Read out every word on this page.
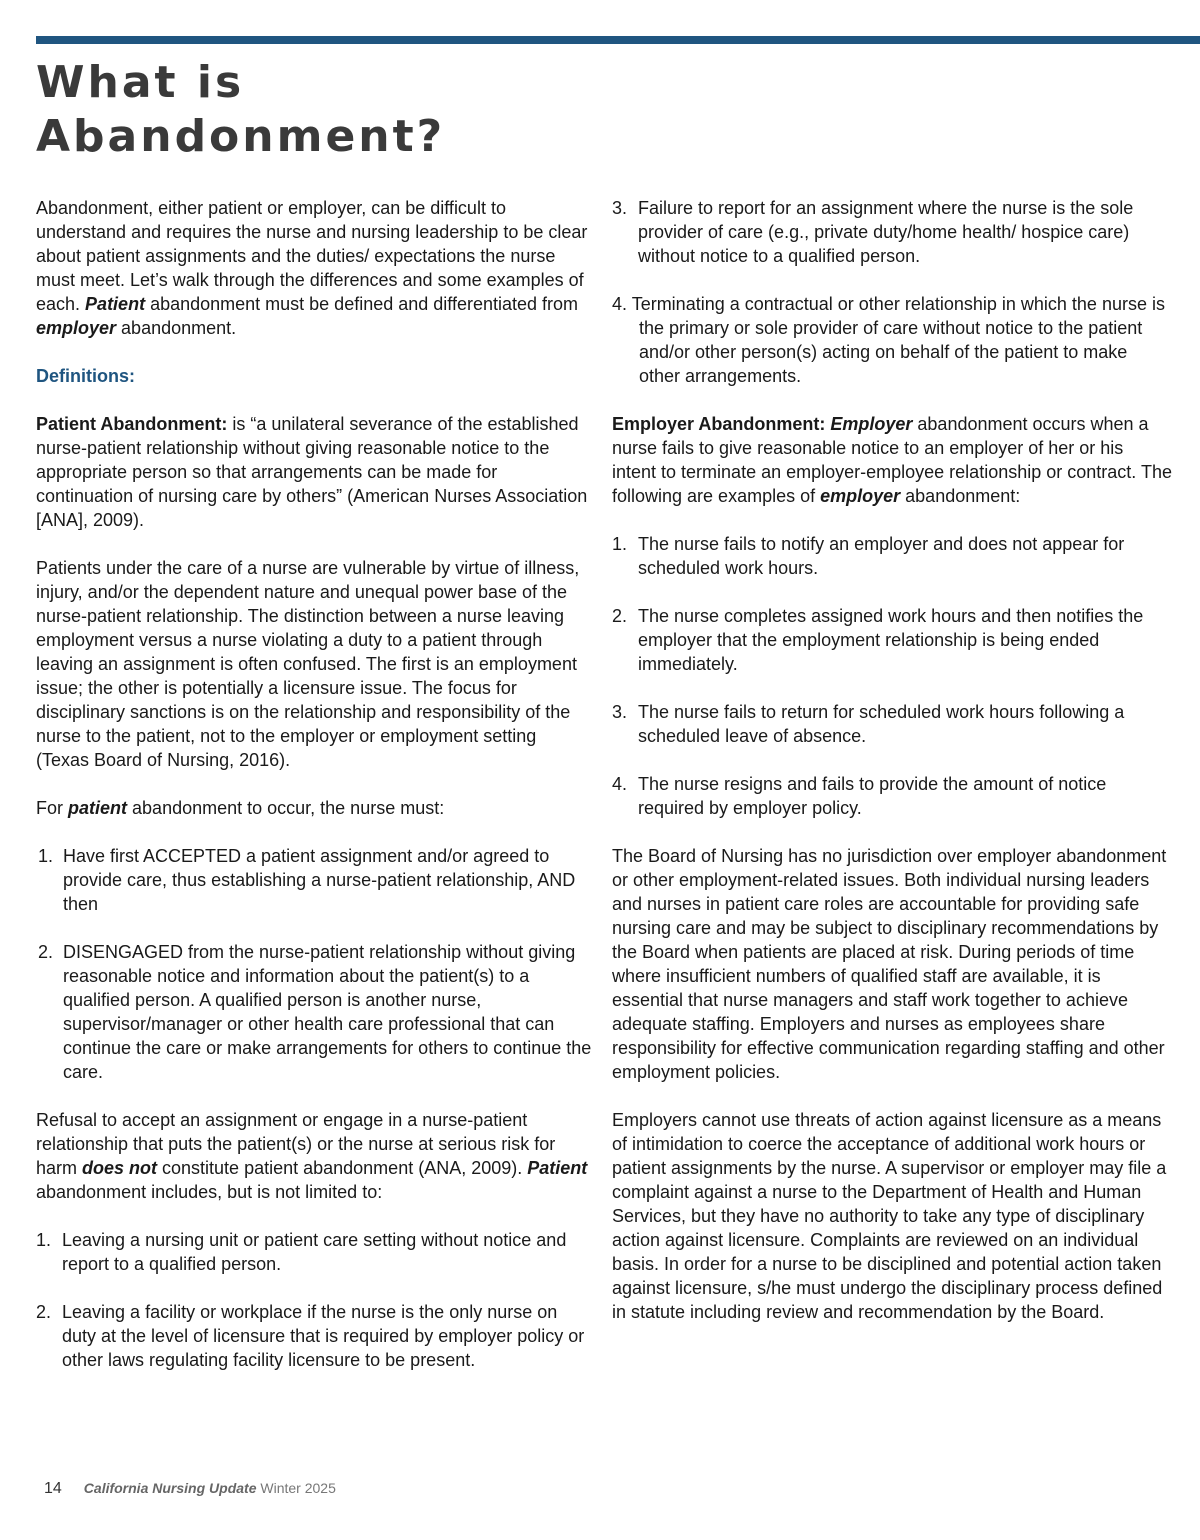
What is
Abandonment?

Abandonment, either patient or employer, can be difficult to understand and requires the nurse and nursing leadership to be clear about patient assignments and the duties/ expectations the nurse must meet. Let’s walk through the differences and some examples of each. Patient abandonment must be defined and differentiated from employer abandonment.

Definitions:

Patient Abandonment: is “a unilateral severance of the established nurse-patient relationship without giving reasonable notice to the appropriate person so that arrangements can be made for continuation of nursing care by others” (American Nurses Association [ANA], 2009).

Patients under the care of a nurse are vulnerable by virtue of illness, injury, and/or the dependent nature and unequal power base of the nurse-patient relationship. The distinction between a nurse leaving employment versus a nurse violating a duty to a patient through leaving an assignment is often confused. The first is an employment issue; the other is potentially a licensure issue. The focus for disciplinary sanctions is on the relationship and responsibility of the nurse to the patient, not to the employer or employment setting (Texas Board of Nursing, 2016).

For patient abandonment to occur, the nurse must:

1. Have first ACCEPTED a patient assignment and/or agreed to provide care, thus establishing a nurse-patient relationship, AND then
2. DISENGAGED from the nurse-patient relationship without giving reasonable notice and information about the patient(s) to a qualified person. A qualified person is another nurse, supervisor/manager or other health care professional that can continue the care or make arrangements for others to continue the care.

Refusal to accept an assignment or engage in a nurse-patient relationship that puts the patient(s) or the nurse at serious risk for harm does not constitute patient abandonment (ANA, 2009). Patient abandonment includes, but is not limited to:

1. Leaving a nursing unit or patient care setting without notice and report to a qualified person.
2. Leaving a facility or workplace if the nurse is the only nurse on duty at the level of licensure that is required by employer policy or other laws regulating facility licensure to be present.
3. Failure to report for an assignment where the nurse is the sole provider of care (e.g., private duty/home health/ hospice care) without notice to a qualified person.

4. Terminating a contractual or other relationship in which the nurse is the primary or sole provider of care without notice to the patient and/or other person(s) acting on behalf of the patient to make other arrangements.

Employer Abandonment: Employer abandonment occurs when a nurse fails to give reasonable notice to an employer of her or his intent to terminate an employer-employee relationship or contract. The following are examples of employer abandonment:

1. The nurse fails to notify an employer and does not appear for scheduled work hours.
2. The nurse completes assigned work hours and then notifies the employer that the employment relationship is being ended immediately.
3. The nurse fails to return for scheduled work hours following a scheduled leave of absence.
4. The nurse resigns and fails to provide the amount of notice required by employer policy.

The Board of Nursing has no jurisdiction over employer abandonment or other employment-related issues. Both individual nursing leaders and nurses in patient care roles are accountable for providing safe nursing care and may be subject to disciplinary recommendations by the Board when patients are placed at risk. During periods of time where insufficient numbers of qualified staff are available, it is essential that nurse managers and staff work together to achieve adequate staffing. Employers and nurses as employees share responsibility for effective communication regarding staffing and other employment policies.

Employers cannot use threats of action against licensure as a means of intimidation to coerce the acceptance of additional work hours or patient assignments by the nurse. A supervisor or employer may file a complaint against a nurse to the Department of Health and Human Services, but they have no authority to take any type of disciplinary action against licensure. Complaints are reviewed on an individual basis. In order for a nurse to be disciplined and potential action taken against licensure, s/he must undergo the disciplinary process defined in statute including review and recommendation by the Board.

14 California Nursing Update Winter 2025
